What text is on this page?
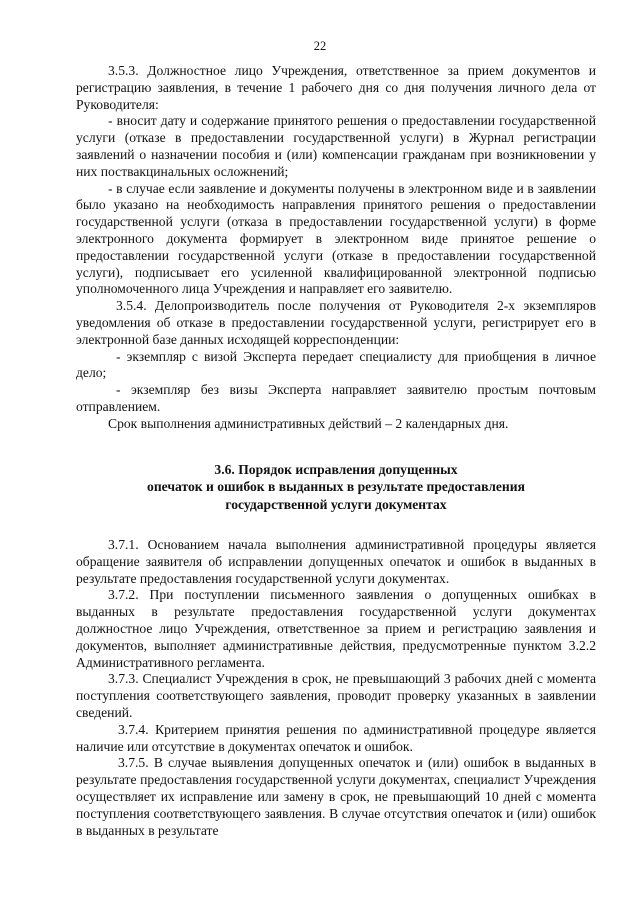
22

3.5.3. Должностное лицо Учреждения, ответственное за прием документов и регистрацию заявления, в течение 1 рабочего дня со дня получения личного дела от Руководителя:

- вносит дату и содержание принятого решения о предоставлении государственной услуги (отказе в предоставлении государственной услуги) в Журнал регистрации заявлений о назначении пособия и (или) компенсации гражданам при возникновении у них поствакцинальных осложнений;

- в случае если заявление и документы получены в электронном виде и в заявлении было указано на необходимость направления принятого решения о предоставлении государственной услуги (отказа в предоставлении государственной услуги) в форме электронного документа формирует в электронном виде принятое решение о предоставлении государственной услуги (отказе в предоставлении государственной услуги), подписывает его усиленной квалифицированной электронной подписью уполномоченного лица Учреждения и направляет его заявителю.

3.5.4. Делопроизводитель после получения от Руководителя 2-х экземпляров уведомления об отказе в предоставлении государственной услуги, регистрирует его в электронной базе данных исходящей корреспонденции:

- экземпляр с визой Эксперта передает специалисту для приобщения в личное дело;

- экземпляр без визы Эксперта направляет заявителю простым почтовым отправлением.

Срок выполнения административных действий – 2 календарных дня.

3.6. Порядок исправления допущенных
опечаток и ошибок в выданных в результате предоставления
государственной услуги документах

3.7.1. Основанием начала выполнения административной процедуры является обращение заявителя об исправлении допущенных опечаток и ошибок в выданных в результате предоставления государственной услуги документах.

3.7.2. При поступлении письменного заявления о допущенных ошибках в выданных в результате предоставления государственной услуги документах должностное лицо Учреждения, ответственное за прием и регистрацию заявления и документов, выполняет административные действия, предусмотренные пунктом 3.2.2 Административного регламента.

3.7.3. Специалист Учреждения в срок, не превышающий 3 рабочих дней с момента поступления соответствующего заявления, проводит проверку указанных в заявлении сведений.

3.7.4. Критерием принятия решения по административной процедуре является наличие или отсутствие в документах опечаток и ошибок.

3.7.5. В случае выявления допущенных опечаток и (или) ошибок в выданных в результате предоставления государственной услуги документах, специалист Учреждения осуществляет их исправление или замену в срок, не превышающий 10 дней с момента поступления соответствующего заявления. В случае отсутствия опечаток и (или) ошибок в выданных в результате
